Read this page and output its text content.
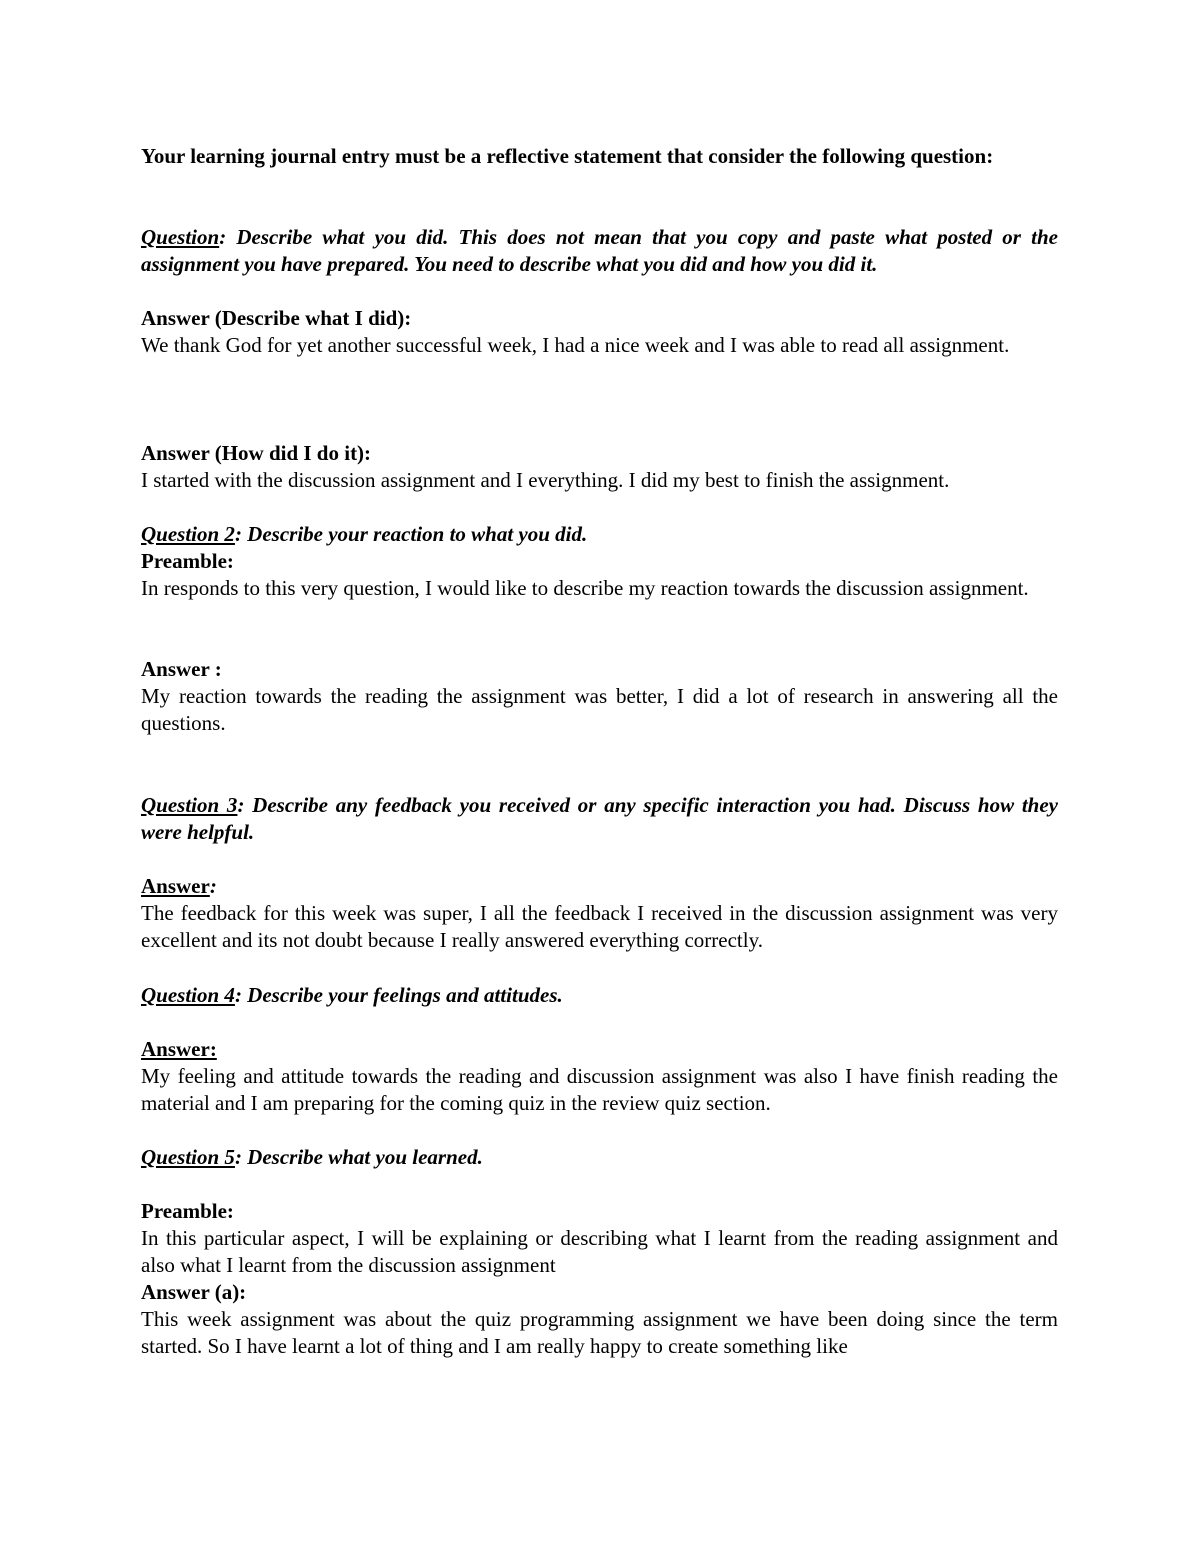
Your learning journal entry must be a reflective statement that consider the following question:

Question: Describe what you did. This does not mean that you copy and paste what posted or the assignment you have prepared. You need to describe what you did and how you did it.

Answer (Describe what I did):
We thank God for yet another successful week, I had a nice week and I was able to read all assignment.

Answer (How did I do it):
I started with the discussion assignment and I everything. I did my best to finish the assignment.

Question 2: Describe your reaction to what you did.
Preamble:
In responds to this very question, I would like to describe my reaction towards the discussion assignment.

Answer :
My reaction towards the reading the assignment was better, I did a lot of research in answering all the questions.

Question 3: Describe any feedback you received or any specific interaction you had. Discuss how they were helpful.

Answer:
The feedback for this week was super, I all the feedback I received in the discussion assignment was very excellent and its not doubt because I really answered everything correctly.

Question 4: Describe your feelings and attitudes.

Answer:
My feeling and attitude towards the reading and discussion assignment was also I have finish reading the material and I am preparing for the coming quiz in the review quiz section.

Question 5: Describe what you learned.

Preamble:
In this particular aspect, I will be explaining or describing what I learnt from the reading assignment and also what I learnt from the discussion assignment
Answer (a):
This week assignment was about the quiz programming assignment we have been doing since the term started. So I have learnt a lot of thing and I am really happy to create something like
